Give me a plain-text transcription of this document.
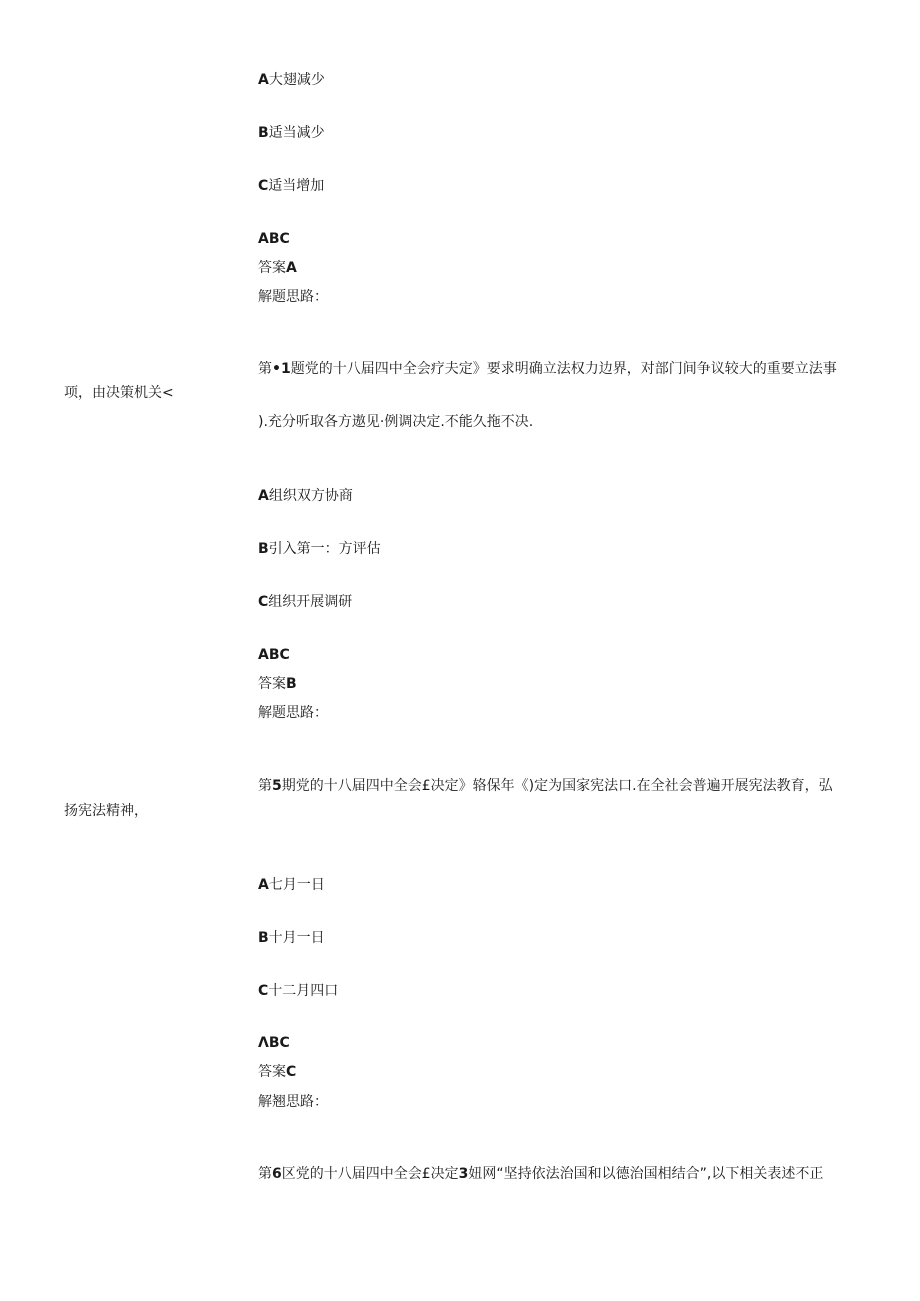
A大翅减少
B适当减少
C适当增加
ABC
答案A
解题思路：
第•1题党的十八届四中全会疗夫定》要求明确立法权力边界，对部门间争议较大的重要立法事
项，由决策机关<
).充分听取各方遨见·例调决定.不能久拖不决.
A组织双方协商
B引入第一：方评估
C组织开展调研
ABC
答案B
解题思路：
第5期党的十八届四中全会£决定》辂保年《)定为国家宪法口.在全社会普遍开展宪法教育，弘
扬宪法精神，
A七月一日
B十月一日
C十二月四口
ΛBC
答案C
解翘思路：
第6区党的十八届四中全会£决定3妞网“坚持依法治国和以德治国相结合”,以下相关表述不正
